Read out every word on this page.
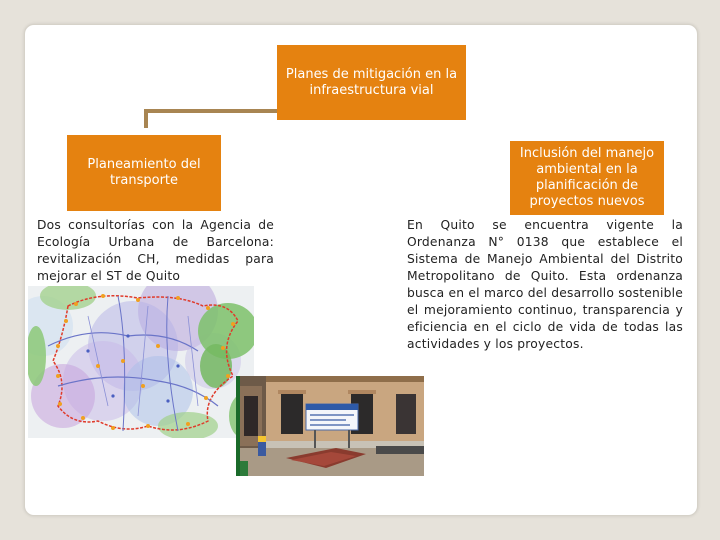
Planes de mitigación en la infraestructura vial
Planeamiento del transporte
Inclusión del manejo ambiental en la planificación de proyectos nuevos
Dos consultorías con la Agencia de Ecología Urbana de Barcelona: revitalización CH, medidas para mejorar el ST de Quito
En Quito se encuentra vigente la Ordenanza N° 0138 que establece el Sistema de Manejo Ambiental del Distrito Metropolitano de Quito. Esta ordenanza busca en el marco del desarrollo sostenible el mejoramiento continuo, transparencia y eficiencia en el ciclo de vida de todas las actividades y los proyectos.
